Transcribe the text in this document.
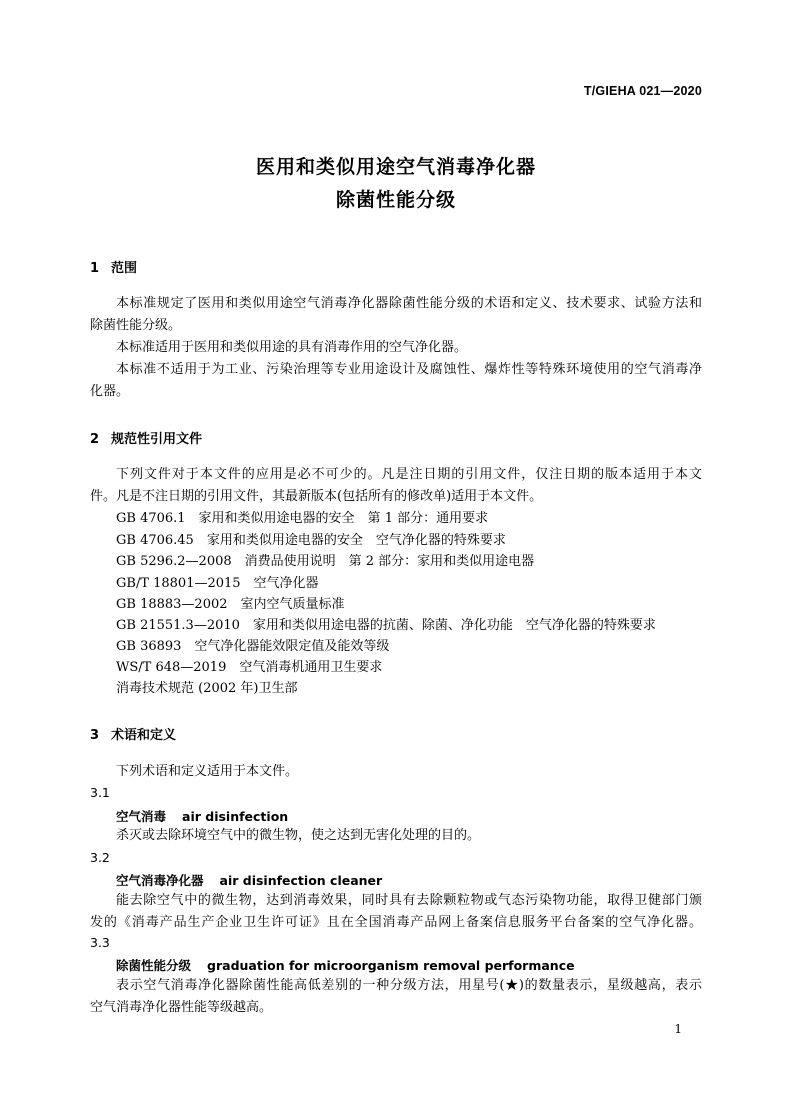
T/GIEHA 021—2020
医用和类似用途空气消毒净化器
除菌性能分级
1 范围
本标准规定了医用和类似用途空气消毒净化器除菌性能分级的术语和定义、技术要求、试验方法和
除菌性能分级。
本标准适用于医用和类似用途的具有消毒作用的空气净化器。
本标准不适用于为工业、污染治理等专业用途设计及腐蚀性、爆炸性等特殊环境使用的空气消毒净
化器。
2 规范性引用文件
下列文件对于本文件的应用是必不可少的。凡是注日期的引用文件，仅注日期的版本适用于本文
件。凡是不注日期的引用文件，其最新版本(包括所有的修改单)适用于本文件。
GB 4706.1　家用和类似用途电器的安全　第 1 部分：通用要求
GB 4706.45　家用和类似用途电器的安全　空气净化器的特殊要求
GB 5296.2—2008　消费品使用说明　第 2 部分：家用和类似用途电器
GB/T 18801—2015　空气净化器
GB 18883—2002　室内空气质量标准
GB 21551.3—2010　家用和类似用途电器的抗菌、除菌、净化功能　空气净化器的特殊要求
GB 36893　空气净化器能效限定值及能效等级
WS/T 648—2019　空气消毒机通用卫生要求
消毒技术规范 (2002 年)卫生部
3 术语和定义
下列术语和定义适用于本文件。
3.1
空气消毒 air disinfection
杀灭或去除环境空气中的微生物，使之达到无害化处理的目的。
3.2
空气消毒净化器 air disinfection cleaner
能去除空气中的微生物，达到消毒效果，同时具有去除颗粒物或气态污染物功能，取得卫健部门颁
发的《消毒产品生产企业卫生许可证》且在全国消毒产品网上备案信息服务平台备案的空气净化器。
3.3
除菌性能分级 graduation for microorganism removal performance
表示空气消毒净化器除菌性能高低差别的一种分级方法，用星号(★)的数量表示，星级越高，表示
空气消毒净化器性能等级越高。
1
